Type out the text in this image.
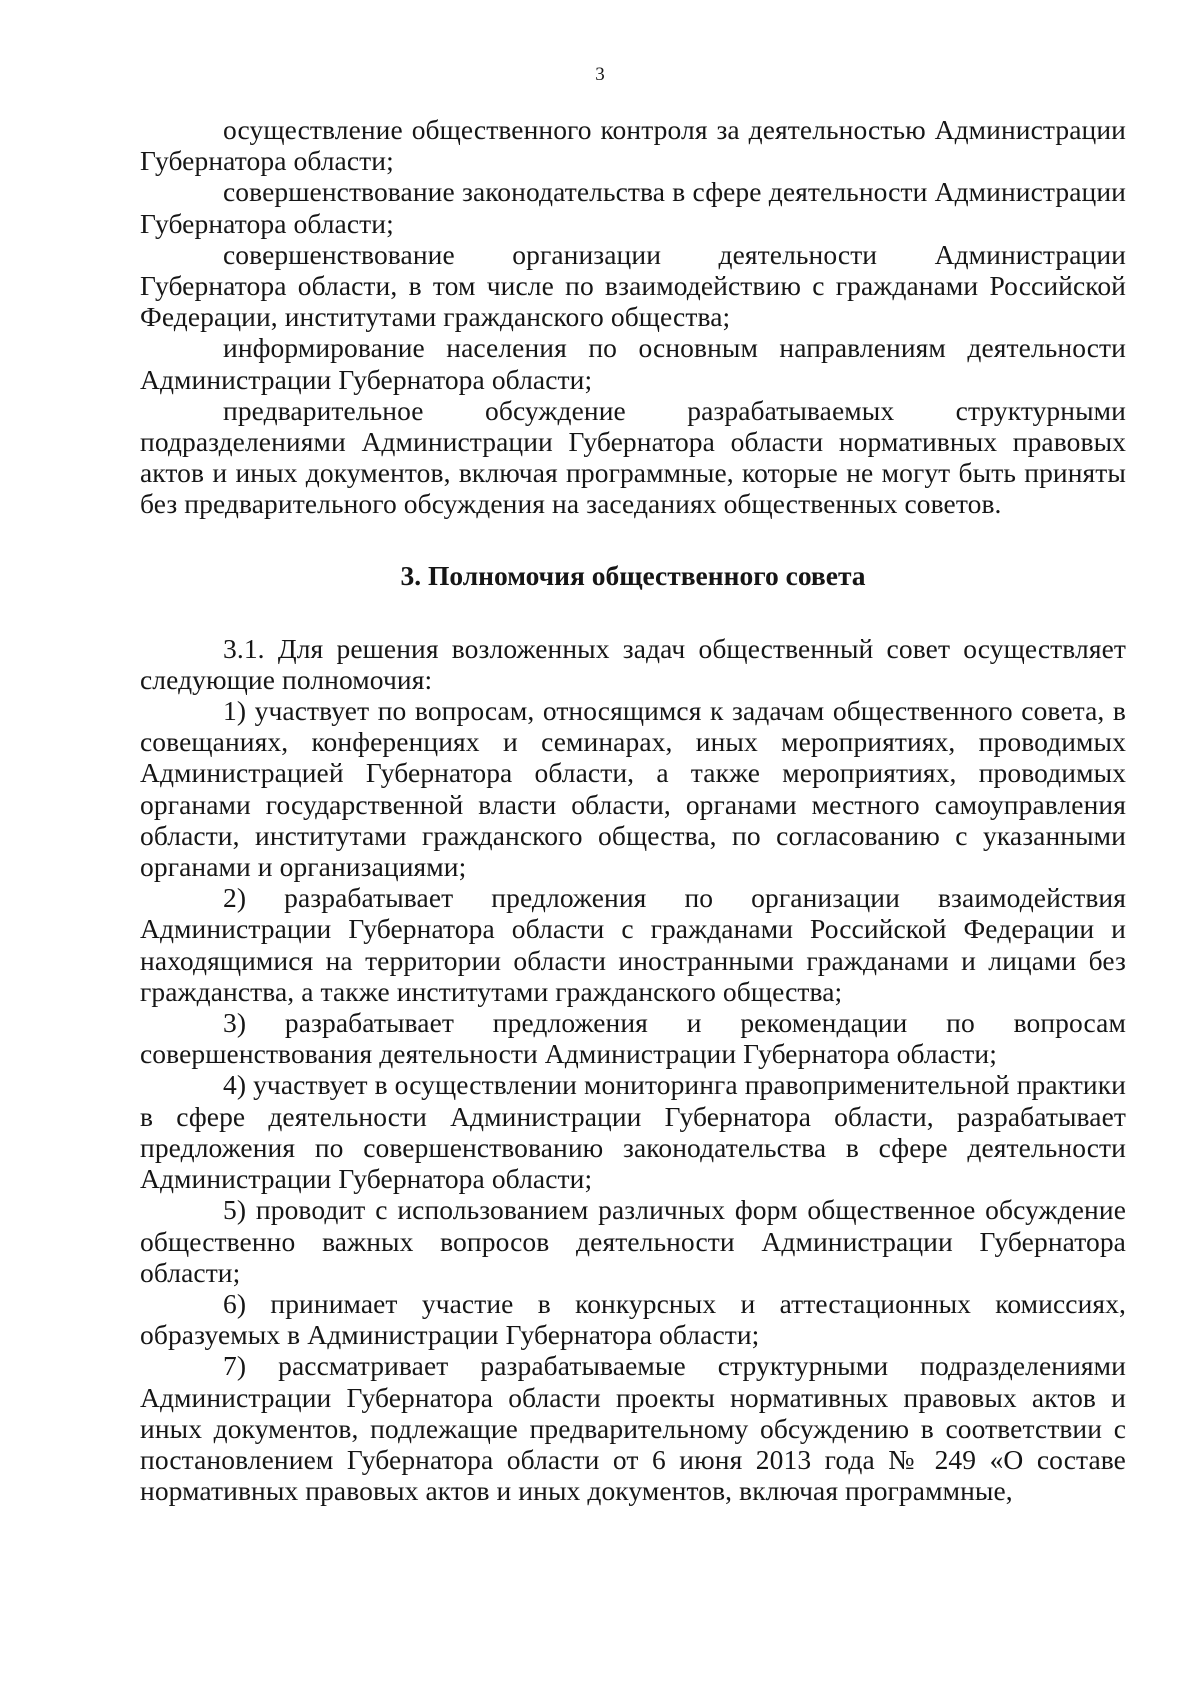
3

осуществление общественного контроля за деятельностью Администрации Губернатора области;

совершенствование законодательства в сфере деятельности Администрации Губернатора области;

совершенствование организации деятельности Администрации Губернатора области, в том числе по взаимодействию с гражданами Российской Федерации, институтами гражданского общества;

информирование населения по основным направлениям деятельности Администрации Губернатора области;

предварительное обсуждение разрабатываемых структурными подразделениями Администрации Губернатора области нормативных правовых актов и иных документов, включая программные, которые не могут быть приняты без предварительного обсуждения на заседаниях общественных советов.

3. Полномочия общественного совета

3.1. Для решения возложенных задач общественный совет осуществляет следующие полномочия:

1) участвует по вопросам, относящимся к задачам общественного совета, в совещаниях, конференциях и семинарах, иных мероприятиях, проводимых Администрацией Губернатора области, а также мероприятиях, проводимых органами государственной власти области, органами местного самоуправления области, институтами гражданского общества, по согласованию с указанными органами и организациями;

2) разрабатывает предложения по организации взаимодействия Администрации Губернатора области с гражданами Российской Федерации и находящимися на территории области иностранными гражданами и лицами без гражданства, а также институтами гражданского общества;

3) разрабатывает предложения и рекомендации по вопросам совершенствования деятельности Администрации Губернатора области;

4) участвует в осуществлении мониторинга правоприменительной практики в сфере деятельности Администрации Губернатора области, разрабатывает предложения по совершенствованию законодательства в сфере деятельности Администрации Губернатора области;

5) проводит с использованием различных форм общественное обсуждение общественно важных вопросов деятельности Администрации Губернатора области;

6) принимает участие в конкурсных и аттестационных комиссиях, образуемых в Администрации Губернатора области;

7) рассматривает разрабатываемые структурными подразделениями Администрации Губернатора области проекты нормативных правовых актов и иных документов, подлежащие предварительному обсуждению в соответствии с постановлением Губернатора области от 6 июня 2013 года № 249 «О составе нормативных правовых актов и иных документов, включая программные,
